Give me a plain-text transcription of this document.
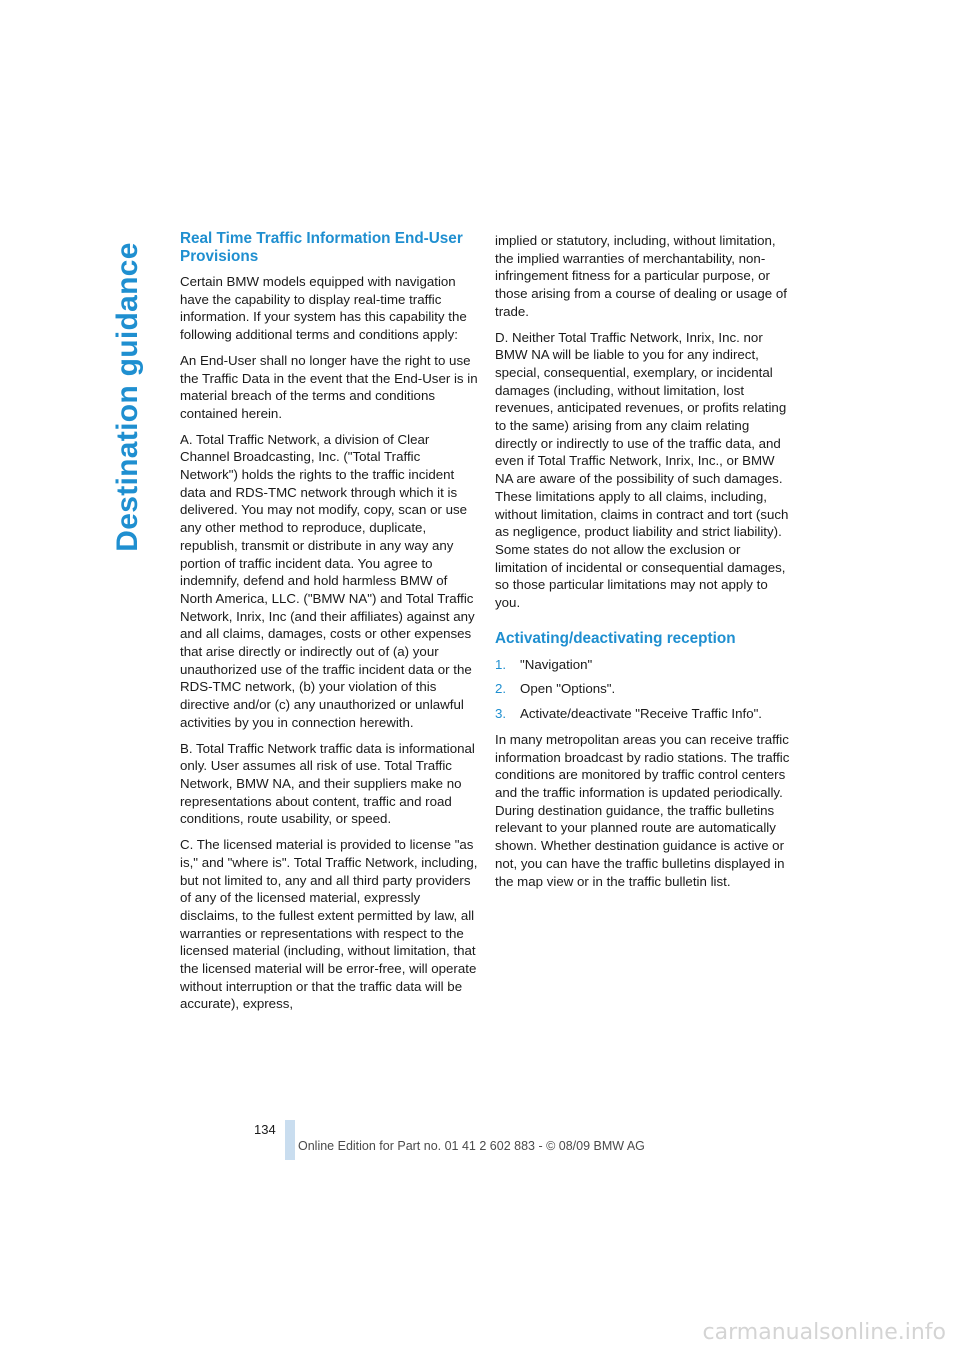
Destination guidance
Real Time Traffic Information End-User Provisions

Certain BMW models equipped with navigation have the capability to display real-time traffic information. If your system has this capability the following additional terms and conditions apply:

An End-User shall no longer have the right to use the Traffic Data in the event that the End-User is in material breach of the terms and conditions contained herein.

A. Total Traffic Network, a division of Clear Channel Broadcasting, Inc. ("Total Traffic Network") holds the rights to the traffic incident data and RDS-TMC network through which it is delivered. You may not modify, copy, scan or use any other method to reproduce, duplicate, republish, transmit or distribute in any way any portion of traffic incident data. You agree to indemnify, defend and hold harmless BMW of North America, LLC. ("BMW NA") and Total Traffic Network, Inrix, Inc (and their affiliates) against any and all claims, damages, costs or other expenses that arise directly or indirectly out of (a) your unauthorized use of the traffic incident data or the RDS-TMC network, (b) your violation of this directive and/or (c) any unauthorized or unlawful activities by you in connection herewith.

B. Total Traffic Network traffic data is informational only. User assumes all risk of use. Total Traffic Network, BMW NA, and their suppliers make no representations about content, traffic and road conditions, route usability, or speed.

C. The licensed material is provided to license "as is," and "where is". Total Traffic Network, including, but not limited to, any and all third party providers of any of the licensed material, expressly disclaims, to the fullest extent permitted by law, all warranties or representations with respect to the licensed material (including, without limitation, that the licensed material will be error-free, will operate without interruption or that the traffic data will be accurate), express,

implied or statutory, including, without limitation, the implied warranties of merchantability, non-infringement fitness for a particular purpose, or those arising from a course of dealing or usage of trade.

D. Neither Total Traffic Network, Inrix, Inc. nor BMW NA will be liable to you for any indirect, special, consequential, exemplary, or incidental damages (including, without limitation, lost revenues, anticipated revenues, or profits relating to the same) arising from any claim relating directly or indirectly to use of the traffic data, and even if Total Traffic Network, Inrix, Inc., or BMW NA are aware of the possibility of such damages. These limitations apply to all claims, including, without limitation, claims in contract and tort (such as negligence, product liability and strict liability). Some states do not allow the exclusion or limitation of incidental or consequential damages, so those particular limitations may not apply to you.

Activating/deactivating reception
1.	"Navigation"
2.	Open "Options".
3.	Activate/deactivate "Receive Traffic Info".

In many metropolitan areas you can receive traffic information broadcast by radio stations. The traffic conditions are monitored by traffic control centers and the traffic information is updated periodically.

During destination guidance, the traffic bulletins relevant to your planned route are automatically shown. Whether destination guidance is active or not, you can have the traffic bulletins displayed in the map view or in the traffic bulletin list.

134
Online Edition for Part no. 01 41 2 602 883 - © 08/09 BMW AG
carmanualsonline.info
